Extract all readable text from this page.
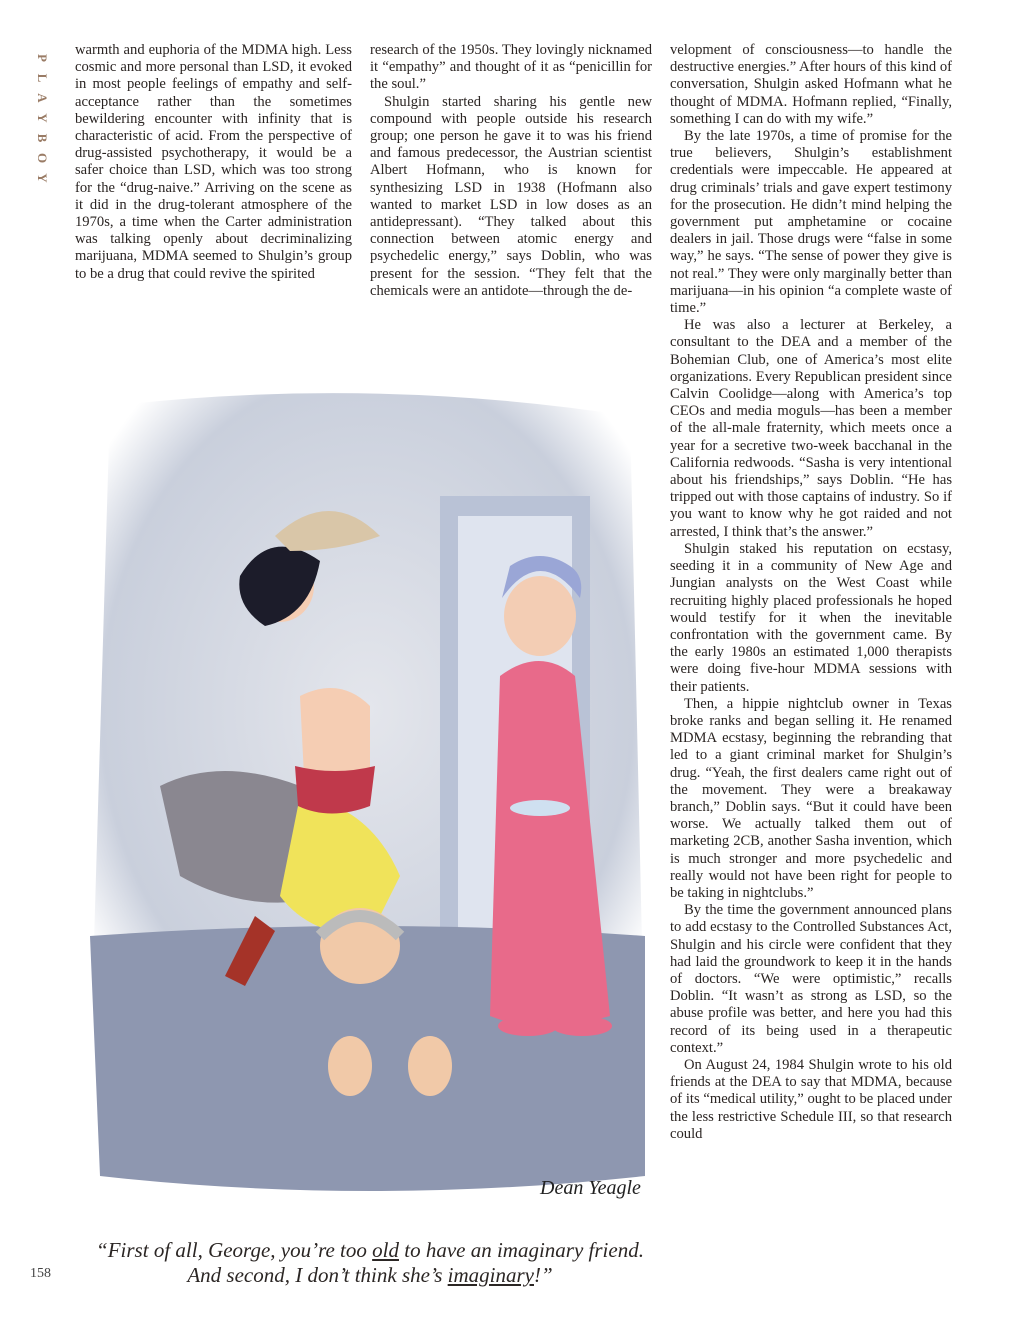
P
L
A
Y
B
O
Y

warmth and euphoria of the MDMA high. Less cosmic and more personal than LSD, it evoked in most people feelings of empathy and self-acceptance rather than the sometimes bewildering encounter with infinity that is characteristic of acid. From the perspective of drug-assisted psychotherapy, it would be a safer choice than LSD, which was too strong for the “drug-naive.” Arriving on the scene as it did in the drug-tolerant atmosphere of the 1970s, a time when the Carter administration was talking openly about decriminalizing marijuana, MDMA seemed to Shulgin’s group to be a drug that could revive the spirited

research of the 1950s. They lovingly nicknamed it “empathy” and thought of it as “penicillin for the soul.”

Shulgin started sharing his gentle new compound with people outside his research group; one person he gave it to was his friend and famous predecessor, the Austrian scientist Albert Hofmann, who is known for synthesizing LSD in 1938 (Hofmann also wanted to market LSD in low doses as an antidepressant). “They talked about this connection between atomic energy and psychedelic energy,” says Doblin, who was present for the session. “They felt that the chemicals were an antidote—through the de-

velopment of consciousness—to handle the destructive energies.” After hours of this kind of conversation, Shulgin asked Hofmann what he thought of MDMA. Hofmann replied, “Finally, something I can do with my wife.”

By the late 1970s, a time of promise for the true believers, Shulgin’s establishment credentials were impeccable. He appeared at drug criminals’ trials and gave expert testimony for the prosecution. He didn’t mind helping the government put amphetamine or cocaine dealers in jail. Those drugs were “false in some way,” he says. “The sense of power they give is not real.” They were only marginally better than marijuana—in his opinion “a complete waste of time.”

He was also a lecturer at Berkeley, a consultant to the DEA and a member of the Bohemian Club, one of America’s most elite organizations. Every Republican president since Calvin Coolidge—along with America’s top CEOs and media moguls—has been a member of the all-male fraternity, which meets once a year for a secretive two-week bacchanal in the California redwoods. “Sasha is very intentional about his friendships,” says Doblin. “He has tripped out with those captains of industry. So if you want to know why he got raided and not arrested, I think that’s the answer.”

Shulgin staked his reputation on ecstasy, seeding it in a community of New Age and Jungian analysts on the West Coast while recruiting highly placed professionals he hoped would testify for it when the inevitable confrontation with the government came. By the early 1980s an estimated 1,000 therapists were doing five-hour MDMA sessions with their patients.

Then, a hippie nightclub owner in Texas broke ranks and began selling it. He renamed MDMA ecstasy, beginning the rebranding that led to a giant criminal market for Shulgin’s drug. “Yeah, the first dealers came right out of the movement. They were a breakaway branch,” Doblin says. “But it could have been worse. We actually talked them out of marketing 2CB, another Sasha invention, which is much stronger and more psychedelic and really would not have been right for people to be taking in nightclubs.”

By the time the government announced plans to add ecstasy to the Controlled Substances Act, Shulgin and his circle were confident that they had laid the groundwork to keep it in the hands of doctors. “We were optimistic,” recalls Doblin. “It wasn’t as strong as LSD, so the abuse profile was better, and here you had this record of its being used in a therapeutic context.”

On August 24, 1984 Shulgin wrote to his old friends at the DEA to say that MDMA, because of its “medical utility,” ought to be placed under the less restrictive Schedule III, so that research could

Dean Yeagle
“First of all, George, you’re too old to have an imaginary friend.
And second, I don’t think she’s imaginary!”
158
